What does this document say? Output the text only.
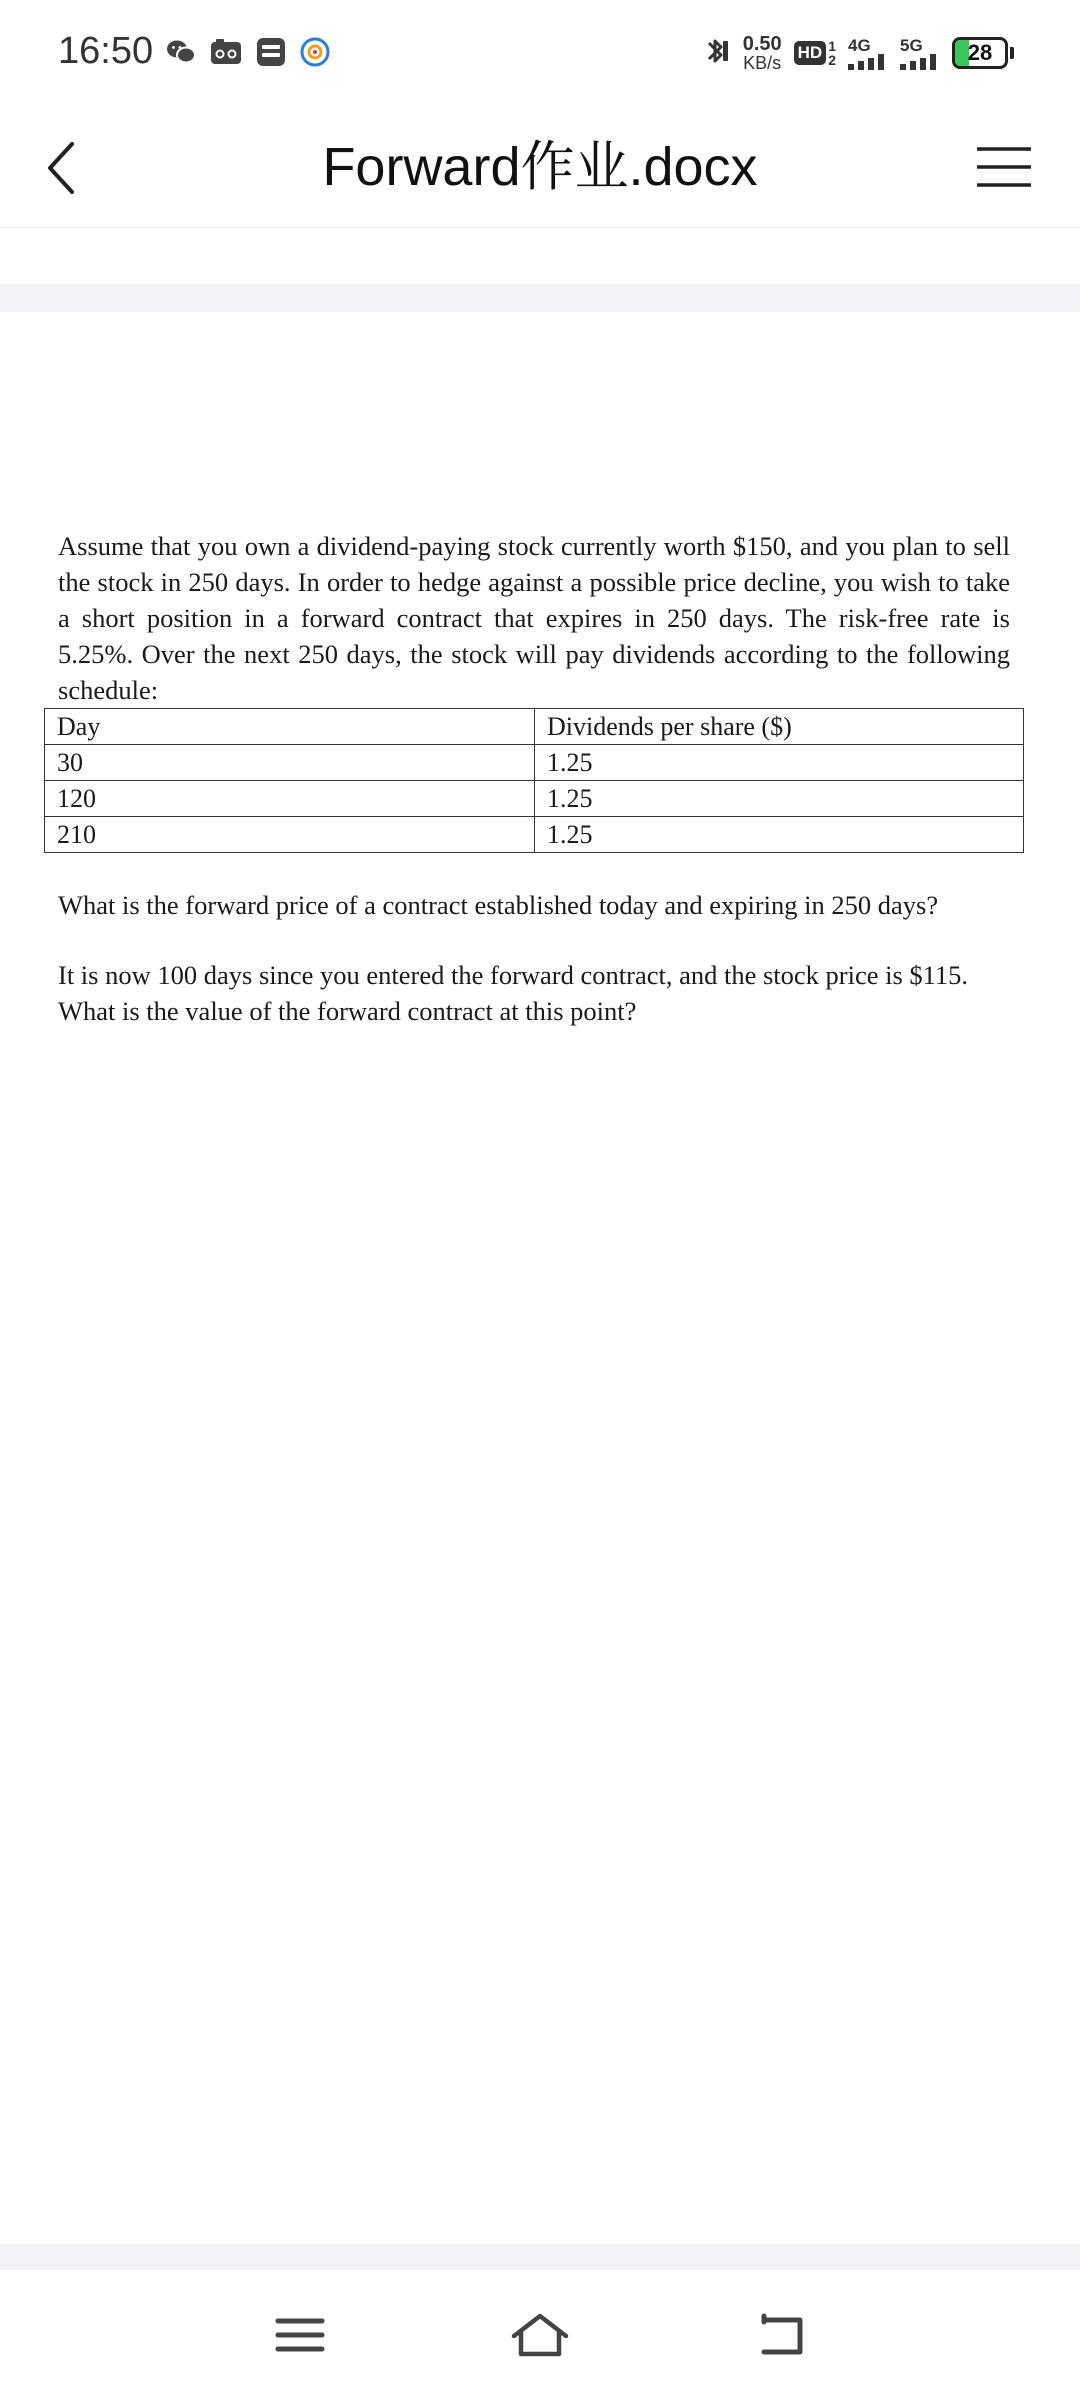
16:50	0.50
KB/s
HD 1
2
4G 5G 28
Forward作业.docx

Assume that you own a dividend-paying stock currently worth $150, and you plan to sell the stock in 250 days. In order to hedge against a possible price decline, you wish to take a short position in a forward contract that expires in 250 days. The risk-free rate is 5.25%. Over the next 250 days, the stock will pay dividends according to the following schedule:

Day	Dividends per share ($)
30	1.25
120	1.25
210	1.25

What is the forward price of a contract established today and expiring in 250 days?

It is now 100 days since you entered the forward contract, and the stock price is $115. What is the value of the forward contract at this point?
